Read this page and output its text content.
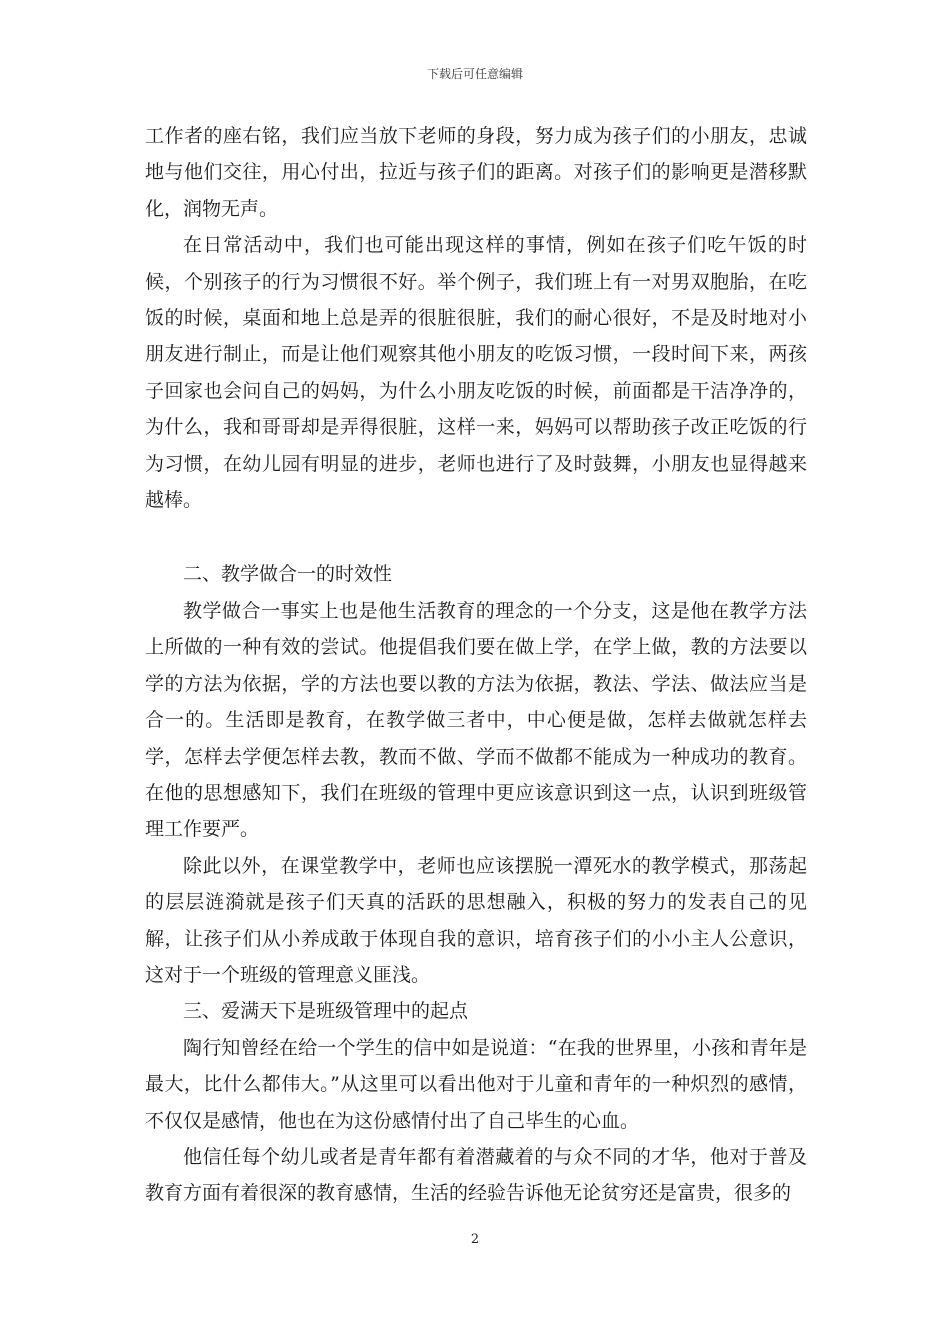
下载后可任意编辑

工作者的座右铭，我们应当放下老师的身段，努力成为孩子们的小朋友，忠诚地与他们交往，用心付出，拉近与孩子们的距离。对孩子们的影响更是潜移默化，润物无声。

在日常活动中，我们也可能出现这样的事情，例如在孩子们吃午饭的时候，个别孩子的行为习惯很不好。举个例子，我们班上有一对男双胞胎，在吃饭的时候，桌面和地上总是弄的很脏很脏，我们的耐心很好，不是及时地对小朋友进行制止，而是让他们观察其他小朋友的吃饭习惯，一段时间下来，两孩子回家也会问自己的妈妈，为什么小朋友吃饭的时候，前面都是干洁净净的，为什么，我和哥哥却是弄得很脏，这样一来，妈妈可以帮助孩子改正吃饭的行为习惯，在幼儿园有明显的进步，老师也进行了及时鼓舞，小朋友也显得越来越棒。

二、教学做合一的时效性

教学做合一事实上也是他生活教育的理念的一个分支，这是他在教学方法上所做的一种有效的尝试。他提倡我们要在做上学，在学上做，教的方法要以学的方法为依据，学的方法也要以教的方法为依据，教法、学法、做法应当是合一的。生活即是教育，在教学做三者中，中心便是做，怎样去做就怎样去学，怎样去学便怎样去教，教而不做、学而不做都不能成为一种成功的教育。在他的思想感知下，我们在班级的管理中更应该意识到这一点，认识到班级管理工作要严。

除此以外，在课堂教学中，老师也应该摆脱一潭死水的教学模式，那荡起的层层涟漪就是孩子们天真的活跃的思想融入，积极的努力的发表自己的见解，让孩子们从小养成敢于体现自我的意识，培育孩子们的小小主人公意识，这对于一个班级的管理意义匪浅。

三、爱满天下是班级管理中的起点

陶行知曾经在给一个学生的信中如是说道：“在我的世界里，小孩和青年是最大，比什么都伟大。”从这里可以看出他对于儿童和青年的一种炽烈的感情，不仅仅是感情，他也在为这份感情付出了自己毕生的心血。

他信任每个幼儿或者是青年都有着潜藏着的与众不同的才华，他对于普及教育方面有着很深的教育感情，生活的经验告诉他无论贫穷还是富贵，很多的

2
